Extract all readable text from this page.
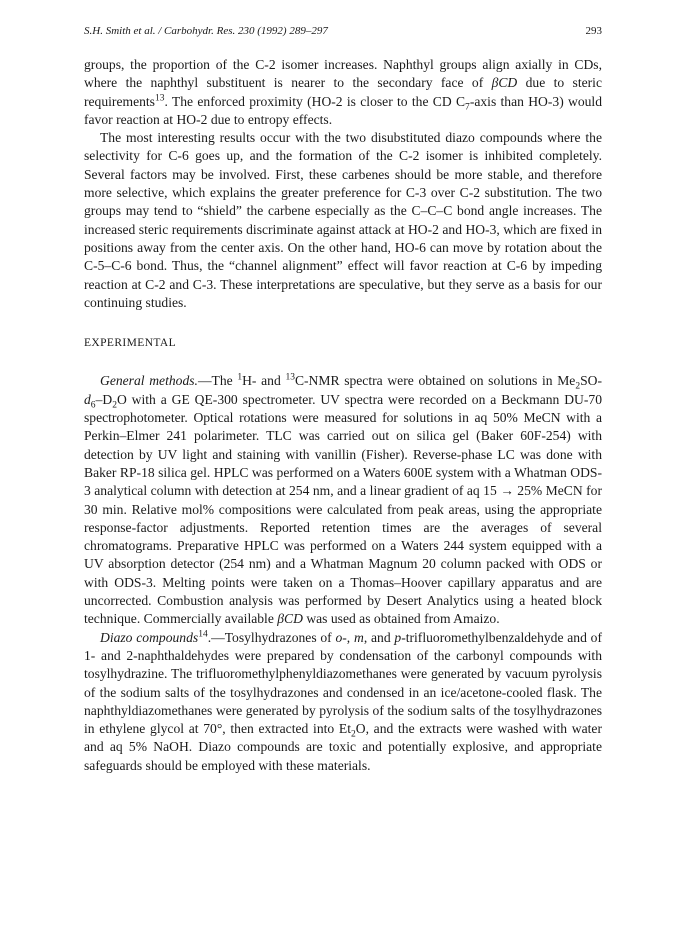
S.H. Smith et al. / Carbohydr. Res. 230 (1992) 289–297	293

groups, the proportion of the C-2 isomer increases. Naphthyl groups align axially in CDs, where the naphthyl substituent is nearer to the secondary face of βCD due to steric requirements$^{13}$. The enforced proximity (HO-2 is closer to the CD $C_7$-axis than HO-3) would favor reaction at HO-2 due to entropy effects.

The most interesting results occur with the two disubstituted diazo compounds where the selectivity for C-6 goes up, and the formation of the C-2 isomer is inhibited completely. Several factors may be involved. First, these carbenes should be more stable, and therefore more selective, which explains the greater preference for C-3 over C-2 substitution. The two groups may tend to “shield” the carbene especially as the C–C–C bond angle increases. The increased steric requirements discriminate against attack at HO-2 and HO-3, which are fixed in positions away from the center axis. On the other hand, HO-6 can move by rotation about the C-5–C-6 bond. Thus, the “channel alignment” effect will favor reaction at C-6 by impeding reaction at C-2 and C-3. These interpretations are speculative, but they serve as a basis for our continuing studies.

EXPERIMENTAL

General methods.—The $^1$H- and $^{13}$C-NMR spectra were obtained on solutions in $Me_2SO-d_6-D_2O$ with a GE QE-300 spectrometer. UV spectra were recorded on a Beckmann DU-70 spectrophotometer. Optical rotations were measured for solutions in aq 50% MeCN with a Perkin–Elmer 241 polarimeter. TLC was carried out on silica gel (Baker 60F-254) with detection by UV light and staining with vanillin (Fisher). Reverse-phase LC was done with Baker RP-18 silica gel. HPLC was performed on a Waters 600E system with a Whatman ODS-3 analytical column with detection at 254 nm, and a linear gradient of aq 15 → 25% MeCN for 30 min. Relative mol% compositions were calculated from peak areas, using the appropriate response-factor adjustments. Reported retention times are the averages of several chromatograms. Preparative HPLC was performed on a Waters 244 system equipped with a UV absorption detector (254 nm) and a Whatman Magnum 20 column packed with ODS or with ODS-3. Melting points were taken on a Thomas–Hoover capillary apparatus and are uncorrected. Combustion analysis was performed by Desert Analytics using a heated block technique. Commercially available βCD was used as obtained from Amaizo.

Diazo compounds$^{14}$.—Tosylhydrazones of o-, m, and p-trifluoromethylbenzaldehyde and of 1- and 2-naphthaldehydes were prepared by condensation of the carbonyl compounds with tosylhydrazine. The trifluoromethylphenyldiazomethanes were generated by vacuum pyrolysis of the sodium salts of the tosylhydrazones and condensed in an ice/acetone-cooled flask. The naphthyldiazomethanes were generated by pyrolysis of the sodium salts of the tosylhydrazones in ethylene glycol at 70°, then extracted into $Et_2O$, and the extracts were washed with water and aq 5% NaOH. Diazo compounds are toxic and potentially explosive, and appropriate safeguards should be employed with these materials.
